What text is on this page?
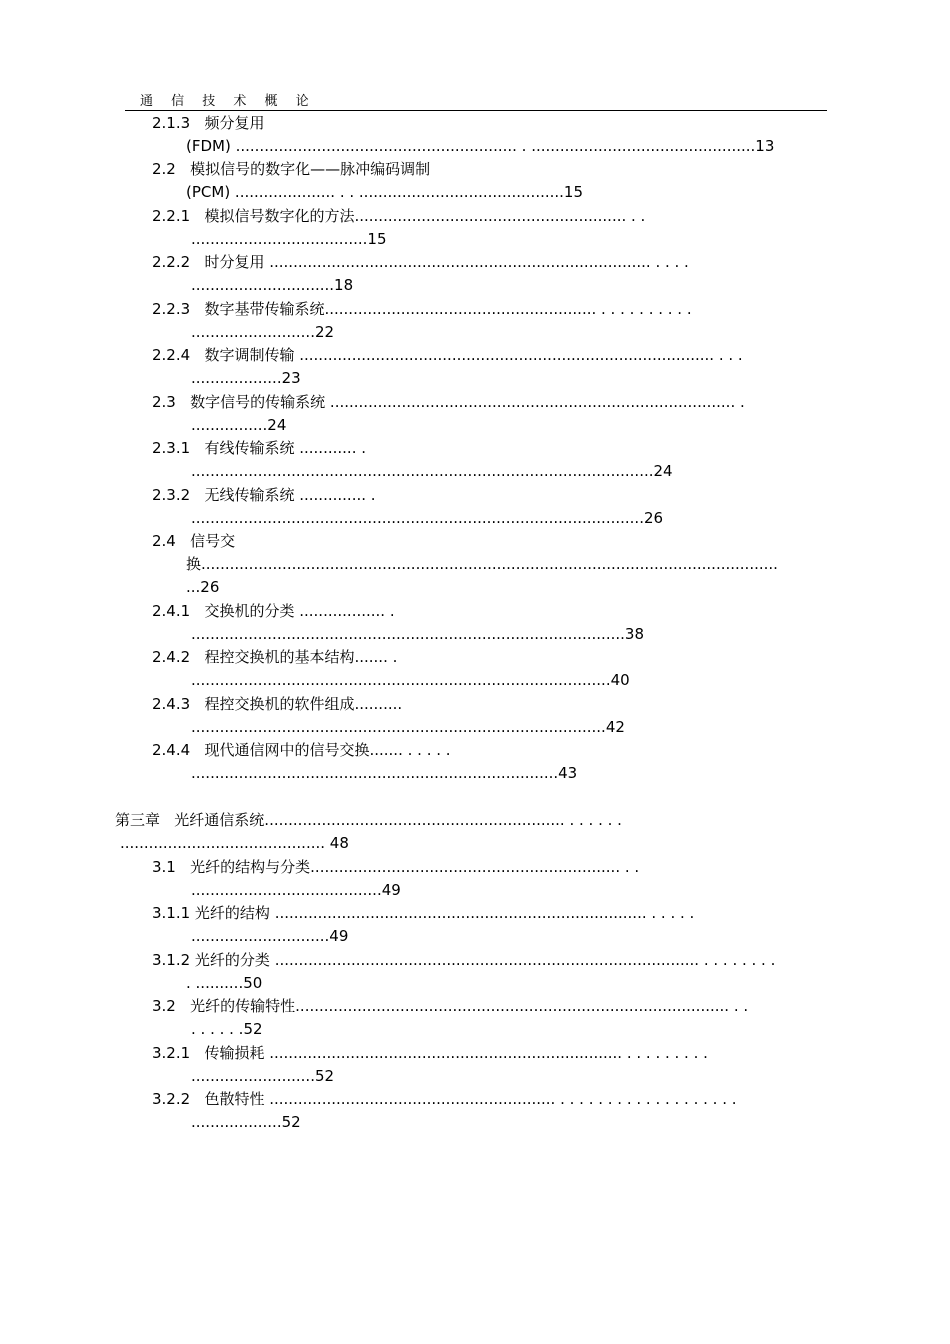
通 信 技 术 概 论
2.1.3   频分复用
(FDM) ........................................................... . ...............................................13
2.2   模拟信号的数字化——脉冲编码调制
(PCM) ..................... . . ...........................................15
2.2.1   模拟信号数字化的方法......................................................... . .
.....................................15
2.2.2   时分复用 ................................................................................ . . . .
..............................18
2.2.3   数字基带传输系统......................................................... . . . . . . . . . .
..........................22
2.2.4   数字调制传输 ....................................................................................... . . .
...................23
2.3   数字信号的传输系统 ..................................................................................... .
................24
2.3.1   有线传输系统 ............ .
.................................................................................................24
2.3.2   无线传输系统 .............. .
...............................................................................................26
2.4   信号交
换.........................................................................................................................
...26
2.4.1   交换机的分类 .................. .
...........................................................................................38
2.4.2   程控交换机的基本结构....... .
........................................................................................40
2.4.3   程控交换机的软件组成..........
.......................................................................................42
2.4.4   现代通信网中的信号交换....... . . . . .
.............................................................................43
第三章   光纤通信系统............................................................... . . . . . .
........................................... 48
3.1   光纤的结构与分类................................................................. . .
........................................49
3.1.1 光纤的结构 .............................................................................. . . . . .
.............................49
3.1.2 光纤的分类 ......................................................................................... . . . . . . . .
. ..........50
3.2   光纤的传输特性........................................................................................... . .
. . . . . .52
3.2.1   传输损耗 .......................................................................... . . . . . . . . .
..........................52
3.2.2   色散特性 ............................................................ . . . . . . . . . . . . . . . . . . .
...................52
